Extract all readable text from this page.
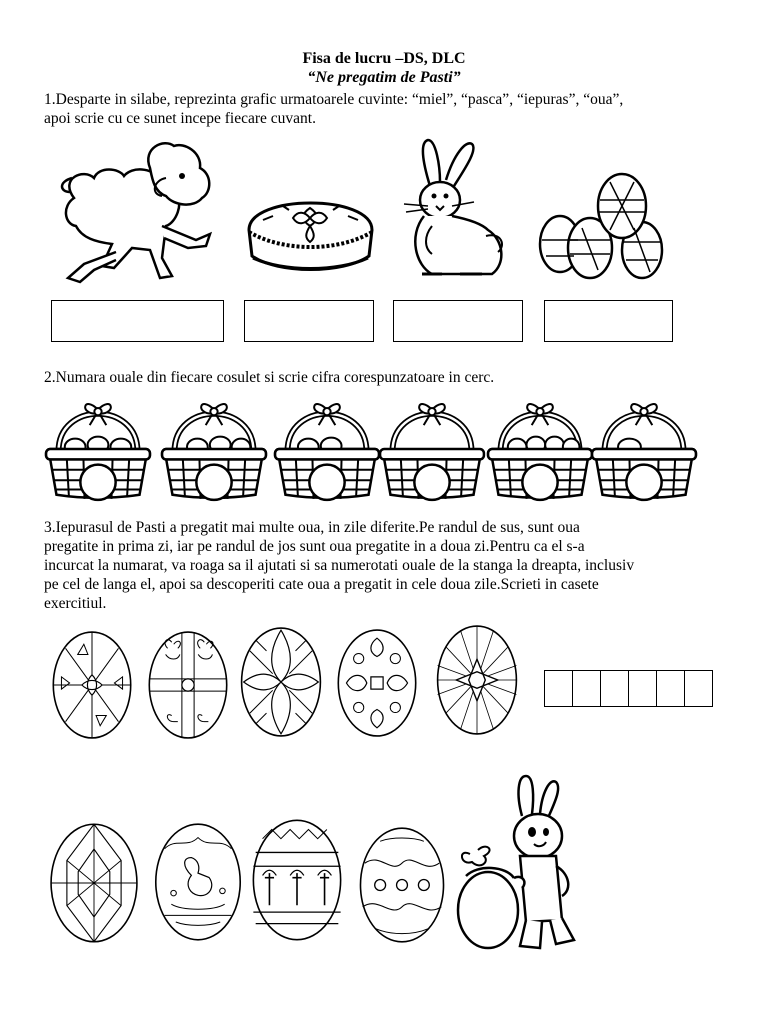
Fisa de lucru –DS, DLC
“Ne pregatim de Pasti”
1.Desparte in silabe, reprezinta grafic urmatoarele cuvinte: “miel”, “pasca”, “iepuras”, “oua”,
apoi scrie cu ce sunet incepe fiecare cuvant.
2.Numara ouale din fiecare cosulet si scrie cifra corespunzatoare in cerc.
3.Iepurasul de Pasti a pregatit mai multe oua, in zile diferite.Pe randul de sus, sunt oua
pregatite in prima zi, iar pe randul de jos sunt oua pregatite in a doua zi.Pentru ca el s-a
incurcat la numarat, va roaga sa il ajutati si sa numerotati ouale de la stanga la dreapta, inclusiv
pe cel de langa el, apoi sa descoperiti cate oua a pregatit in cele doua zile.Scrieti in casete
exercitiul.
